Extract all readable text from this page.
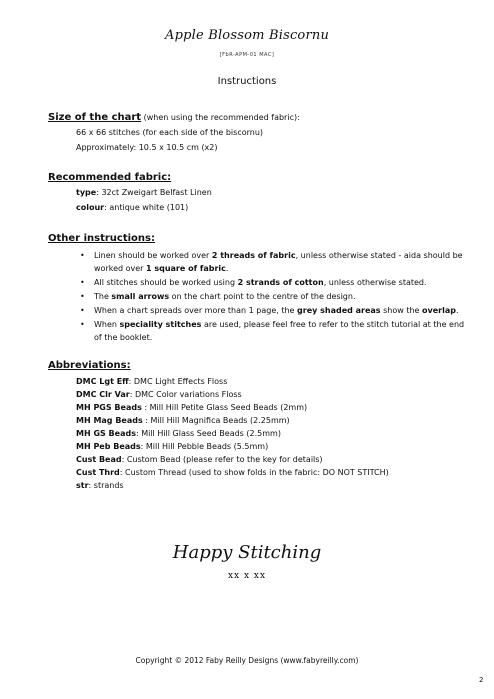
Apple Blossom Biscornu
[FbR-APM-01 MAC]
Instructions
Size of the chart (when using the recommended fabric):
66 x 66 stitches (for each side of the biscornu)
Approximately: 10.5 x 10.5 cm (x2)
Recommended fabric:
type: 32ct Zweigart Belfast Linen
colour: antique white (101)
Other instructions:
• Linen should be worked over 2 threads of fabric, unless otherwise stated - aida should be worked over 1 square of fabric.
• All stitches should be worked using 2 strands of cotton, unless otherwise stated.
• The small arrows on the chart point to the centre of the design.
• When a chart spreads over more than 1 page, the grey shaded areas show the overlap.
• When speciality stitches are used, please feel free to refer to the stitch tutorial at the end of the booklet.
Abbreviations:
DMC Lgt Eff: DMC Light Effects Floss
DMC Clr Var: DMC Color variations Floss
MH PGS Beads : Mill Hill Petite Glass Seed Beads (2mm)
MH Mag Beads : Mill Hill Magnifica Beads (2.25mm)
MH GS Beads: Mill Hill Glass Seed Beads (2.5mm)
MH Peb Beads: Mill Hill Pebble Beads (5.5mm)
Cust Bead: Custom Bead (please refer to the key for details)
Cust Thrd: Custom Thread (used to show folds in the fabric: DO NOT STITCH)
str: strands
Happy Stitching
xx x xx
Copyright © 2012 Faby Reilly Designs (www.fabyreilly.com)
2
